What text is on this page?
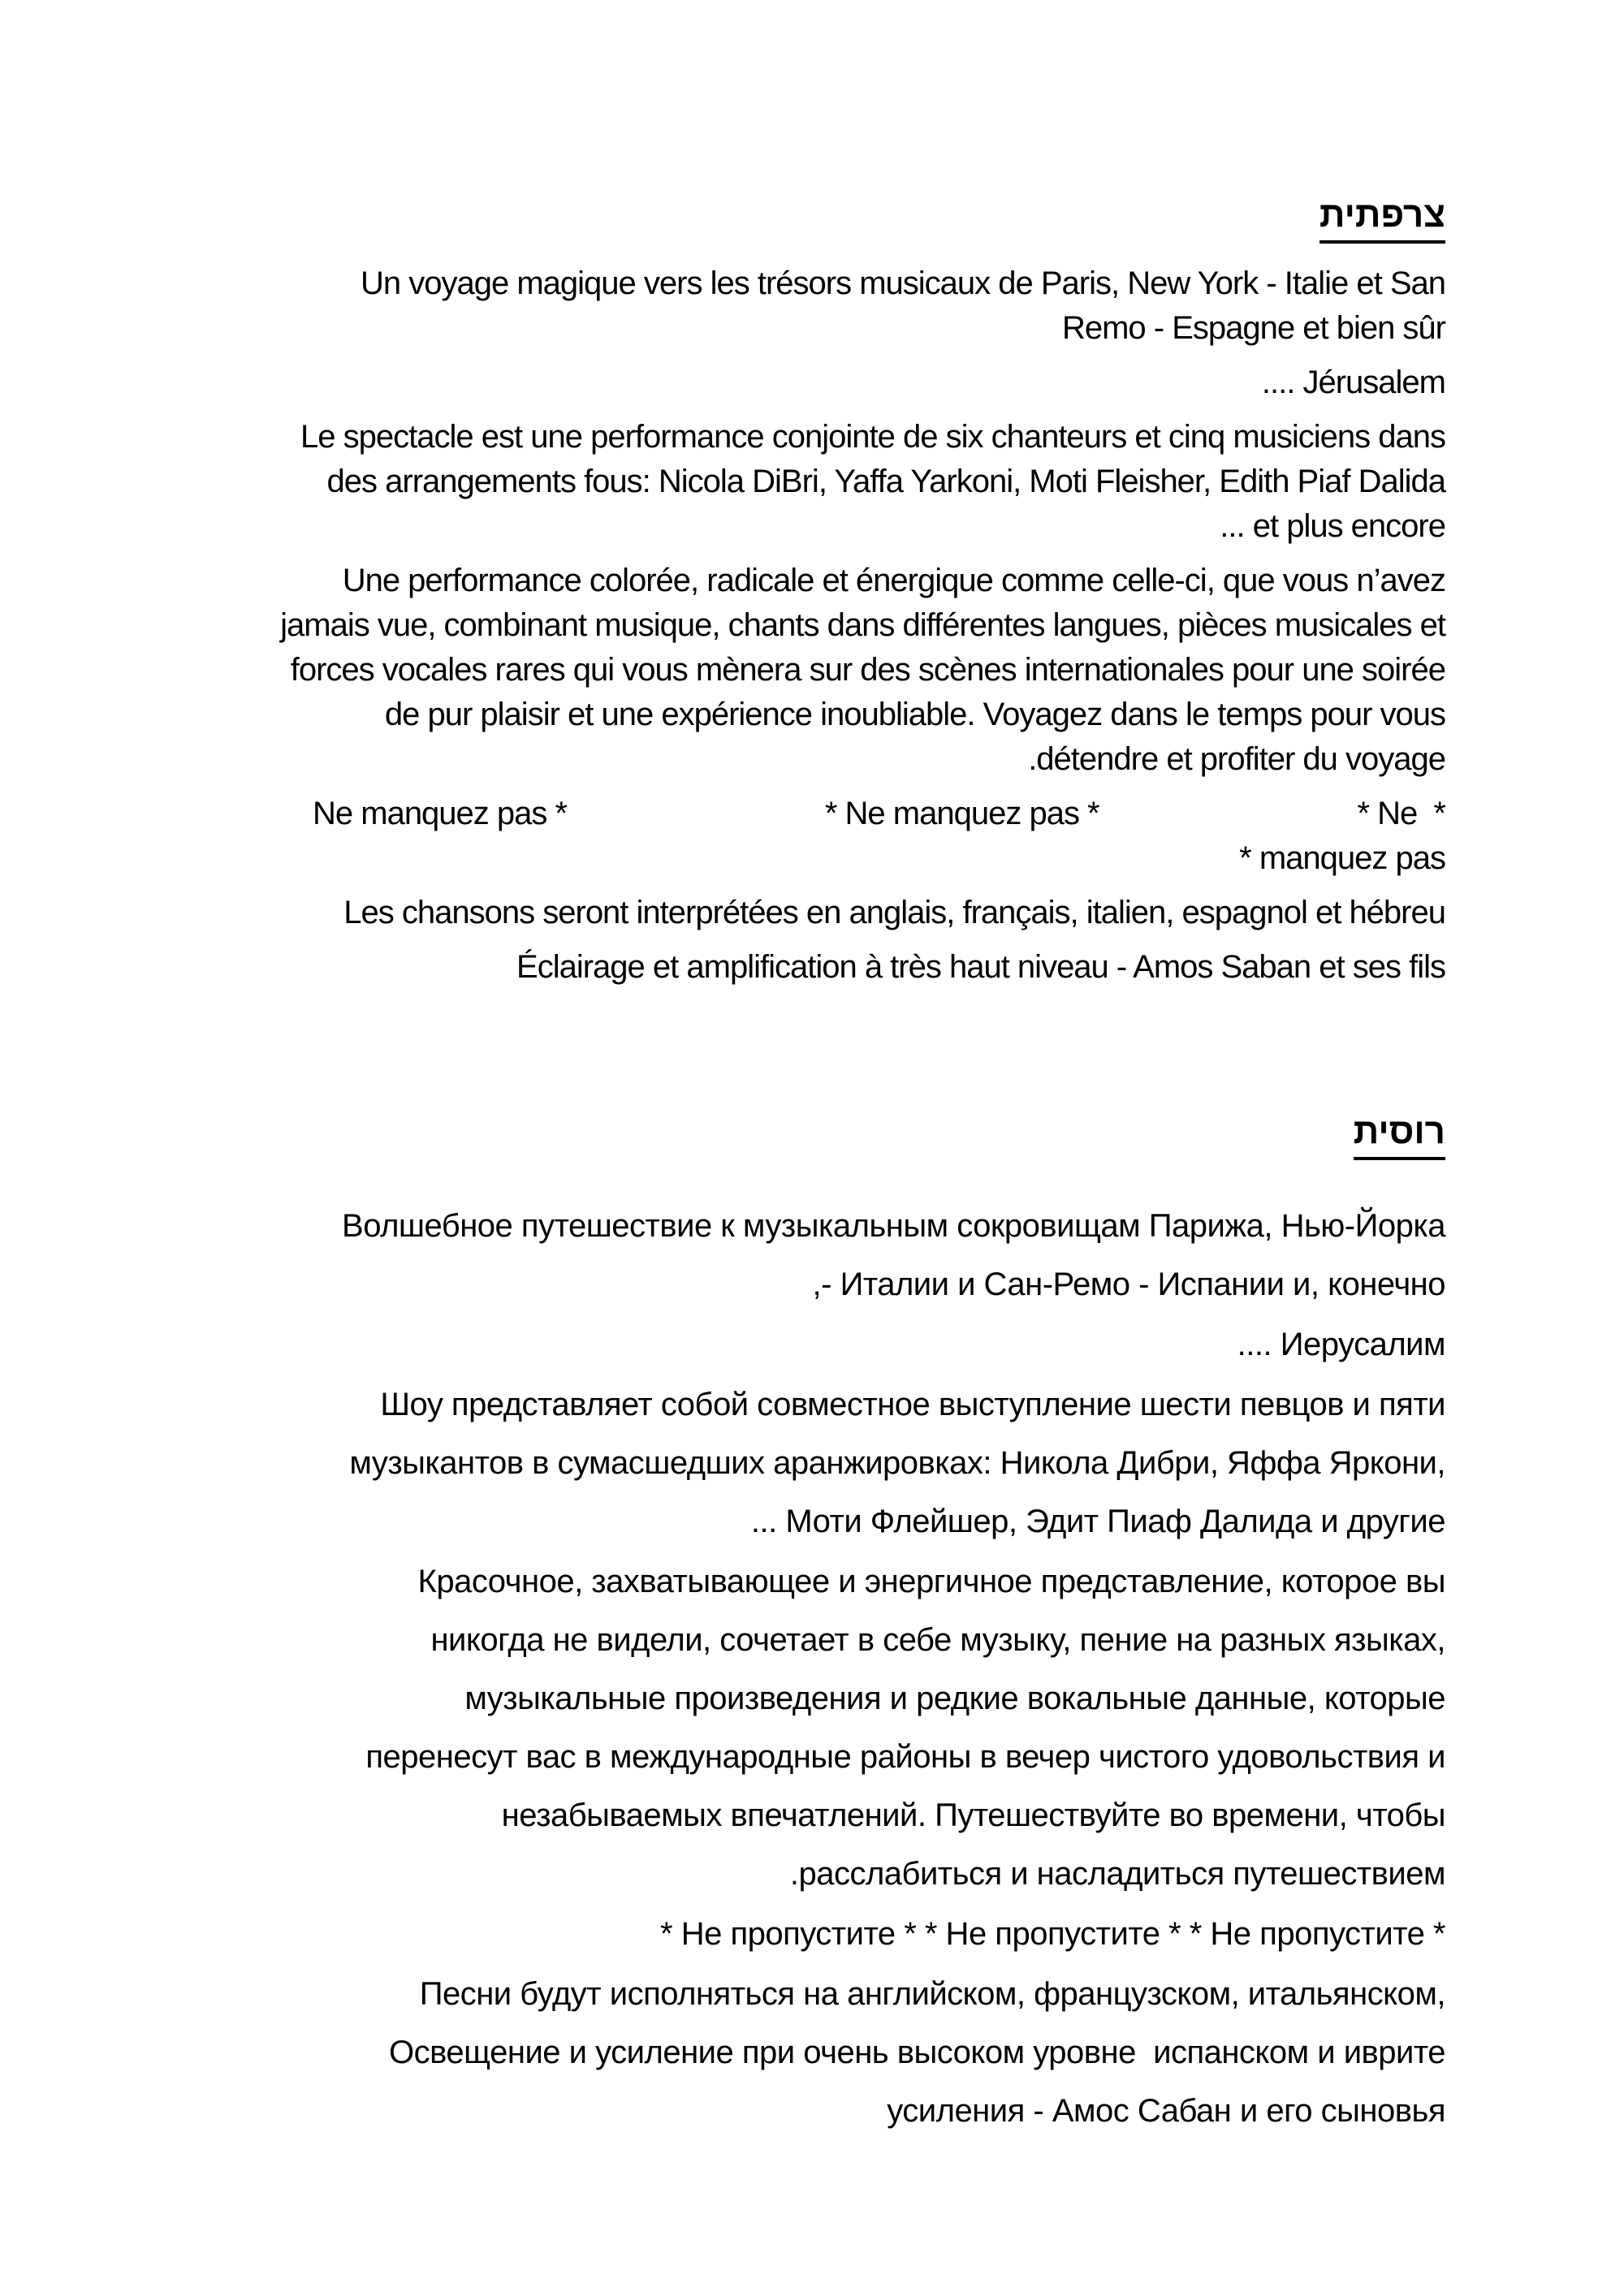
צרפתית
Un voyage magique vers les trésors musicaux de Paris, New York - Italie et San
Remo - Espagne et bien sûr
.... Jérusalem
Le spectacle est une performance conjointe de six chanteurs et cinq musiciens dans
des arrangements fous: Nicola DiBri, Yaffa Yarkoni, Moti Fleisher, Edith Piaf Dalida
... et plus encore
Une performance colorée, radicale et énergique comme celle-ci, que vous n’avez
jamais vue, combinant musique, chants dans différentes langues, pièces musicales et
forces vocales rares qui vous mènera sur des scènes internationales pour une soirée
de pur plaisir et une expérience inoubliable. Voyagez dans le temps pour vous
.détendre et profiter du voyage
Ne manquez pas *	* Ne manquez pas *	* Ne  *
* manquez pas
Les chansons seront interprétées en anglais, français, italien, espagnol et hébreu
Éclairage et amplification à très haut niveau - Amos Saban et ses fils
רוסית
Волшебное путешествие к музыкальным сокровищам Парижа, Нью-Йорка
,- Италии и Сан-Ремо - Испании и, конечно
.... Иерусалим
Шоу представляет собой совместное выступление шести певцов и пяти
музыкантов в сумасшедших аранжировках: Никола Дибри, Яффа Яркони,
... Моти Флейшер, Эдит Пиаф Далида и другие
Красочное, захватывающее и энергичное представление, которое вы
никогда не видели, сочетает в себе музыку, пение на разных языках,
музыкальные произведения и редкие вокальные данные, которые
перенесут вас в международные районы в вечер чистого удовольствия и
незабываемых впечатлений. Путешествуйте во времени, чтобы
.расслабиться и насладиться путешествием
* Не пропустите * * Не пропустите * * Не пропустите *
Песни будут исполняться на английском, французском, итальянском,
Освещение и усиление при очень высоком уровне  испанском и иврите
усиления - Амос Сабан и его сыновья
